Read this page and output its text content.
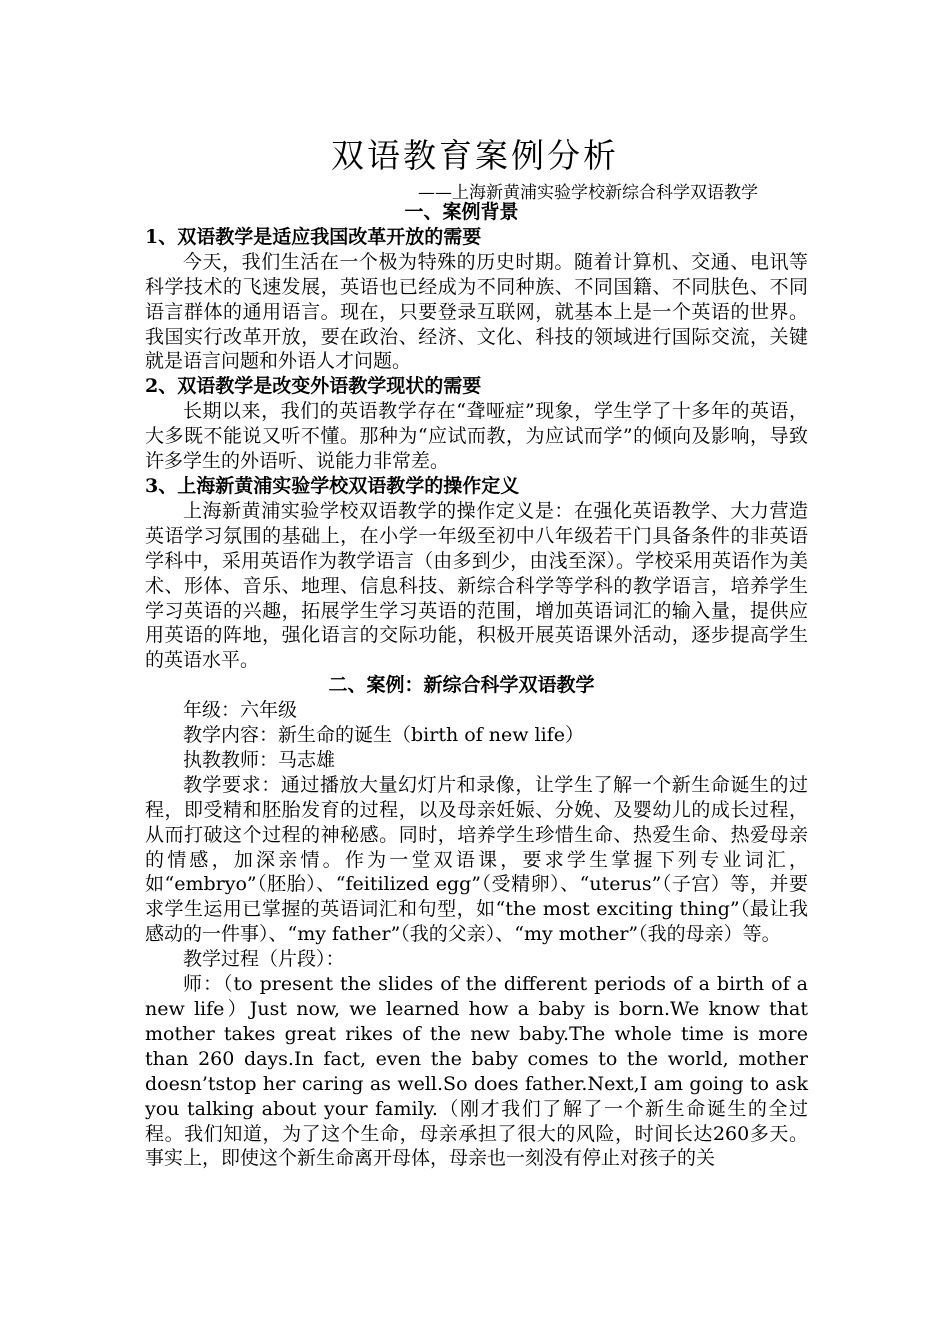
双语教育案例分析
——上海新黄浦实验学校新综合科学双语教学

一、案例背景

1、双语教学是适应我国改革开放的需要

今天，我们生活在一个极为特殊的历史时期。随着计算机、交通、电讯等科学技术的飞速发展，英语也已经成为不同种族、不同国籍、不同肤色、不同语言群体的通用语言。现在，只要登录互联网，就基本上是一个英语的世界。我国实行改革开放，要在政治、经济、文化、科技的领域进行国际交流，关键就是语言问题和外语人才问题。

2、双语教学是改变外语教学现状的需要

长期以来，我们的英语教学存在“聋哑症”现象，学生学了十多年的英语，大多既不能说又听不懂。那种为“应试而教，为应试而学”的倾向及影响，导致许多学生的外语听、说能力非常差。

3、上海新黄浦实验学校双语教学的操作定义

上海新黄浦实验学校双语教学的操作定义是：在强化英语教学、大力营造英语学习氛围的基础上，在小学一年级至初中八年级若干门具备条件的非英语学科中，采用英语作为教学语言（由多到少，由浅至深）。学校采用英语作为美术、形体、音乐、地理、信息科技、新综合科学等学科的教学语言，培养学生学习英语的兴趣，拓展学生学习英语的范围，增加英语词汇的输入量，提供应用英语的阵地，强化语言的交际功能，积极开展英语课外活动，逐步提高学生的英语水平。

二、案例：新综合科学双语教学

年级：六年级

教学内容：新生命的诞生（birth of new life）

执教教师：马志雄

教学要求：通过播放大量幻灯片和录像，让学生了解一个新生命诞生的过程，即受精和胚胎发育的过程，以及母亲妊娠、分娩、及婴幼儿的成长过程，从而打破这个过程的神秘感。同时，培养学生珍惜生命、热爱生命、热爱母亲的情感，加深亲情。作为一堂双语课，要求学生掌握下列专业词汇，如“embryo”（胚胎）、“feitilized egg”（受精卵）、“uterus”（子宫）等，并要求学生运用已掌握的英语词汇和句型，如“the most exciting thing”（最让我感动的一件事）、“my father”（我的父亲）、“my mother”（我的母亲）等。

教学过程（片段）：

师：（to present the slides of the different periods of a birth of a new life）Just now, we learned how a baby is born.We know that mother takes great rikes of the new baby.The whole time is more than 260 days.In fact, even the baby comes to the world, mother doesn’tstop her caring as well.So does father.Next,I am going to ask you talking about your family.（刚才我们了解了一个新生命诞生的全过程。我们知道，为了这个生命，母亲承担了很大的风险，时间长达260多天。事实上，即使这个新生命离开母体，母亲也一刻没有停止对孩子的关
